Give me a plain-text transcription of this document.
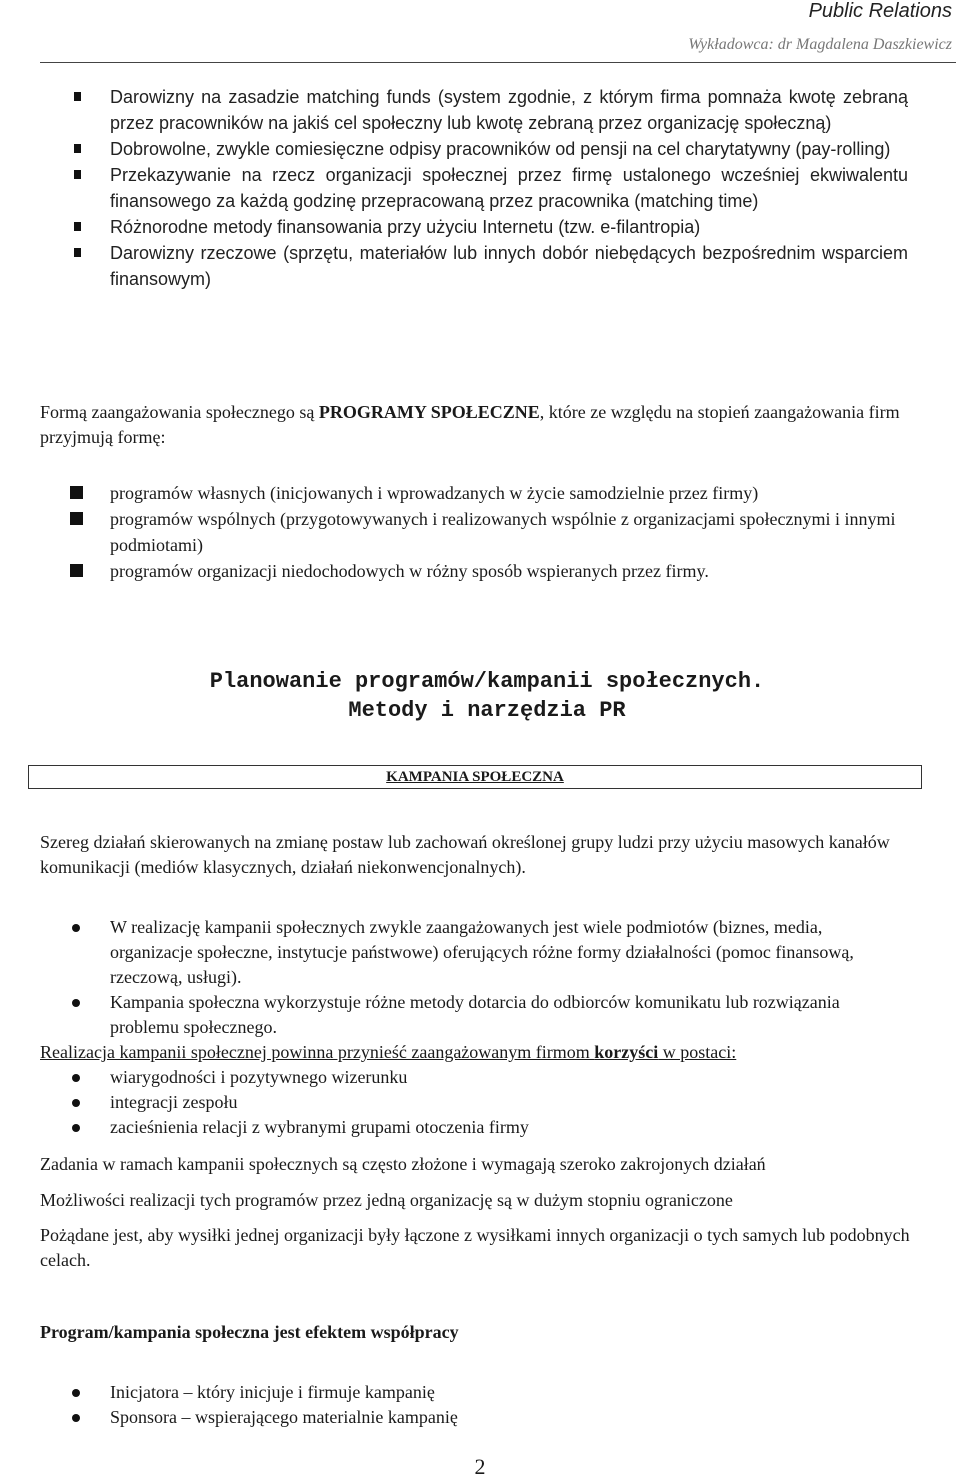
Public Relations
Wykładowca: dr Magdalena Daszkiewicz
Darowizny na zasadzie matching funds (system zgodnie, z którym firma pomnaża kwotę zebraną przez pracowników na jakiś cel społeczny lub kwotę zebraną przez organizację społeczną)
Dobrowolne, zwykle comiesięczne odpisy pracowników od pensji na cel charytatywny (pay-rolling)
Przekazywanie na rzecz organizacji społecznej przez firmę ustalonego wcześniej ekwiwalentu finansowego za każdą godzinę przepracowaną przez pracownika (matching time)
Różnorodne metody finansowania przy użyciu Internetu (tzw. e-filantropia)
Darowizny rzeczowe (sprzętu, materiałów lub innych dobór niebędących bezpośrednim wsparciem finansowym)
Formą zaangażowania społecznego są PROGRAMY SPOŁECZNE, które ze względu na stopień zaangażowania firm przyjmują formę:
programów własnych (inicjowanych i wprowadzanych w życie samodzielnie przez firmy)
programów wspólnych (przygotowywanych i realizowanych wspólnie z organizacjami społecznymi i innymi podmiotami)
programów organizacji niedochodowych w różny sposób wspieranych przez firmy.
Planowanie programów/kampanii społecznych.
Metody i narzędzia PR
KAMPANIA SPOŁECZNA
Szereg działań skierowanych na zmianę postaw lub zachowań określonej grupy ludzi przy użyciu masowych kanałów komunikacji (mediów klasycznych, działań niekonwencjonalnych).
W realizację kampanii społecznych zwykle zaangażowanych jest wiele podmiotów (biznes, media, organizacje społeczne, instytucje państwowe) oferujących różne formy działalności (pomoc finansową, rzeczową, usługi).
Kampania społeczna wykorzystuje różne metody dotarcia do odbiorców komunikatu lub rozwiązania problemu społecznego.
Realizacja kampanii społecznej powinna przynieść zaangażowanym firmom korzyści w postaci:
wiarygodności i pozytywnego wizerunku
integracji zespołu
zacieśnienia relacji z wybranymi grupami otoczenia firmy
Zadania w ramach kampanii społecznych są często złożone i wymagają szeroko zakrojonych działań
Możliwości realizacji tych programów przez jedną organizację są w dużym stopniu ograniczone
Pożądane jest, aby wysiłki jednej organizacji były łączone z wysiłkami innych organizacji o tych samych lub podobnych celach.
Program/kampania społeczna jest efektem współpracy
Inicjatora – który inicjuje i firmuje kampanię
Sponsora – wspierającego materialnie kampanię
2
